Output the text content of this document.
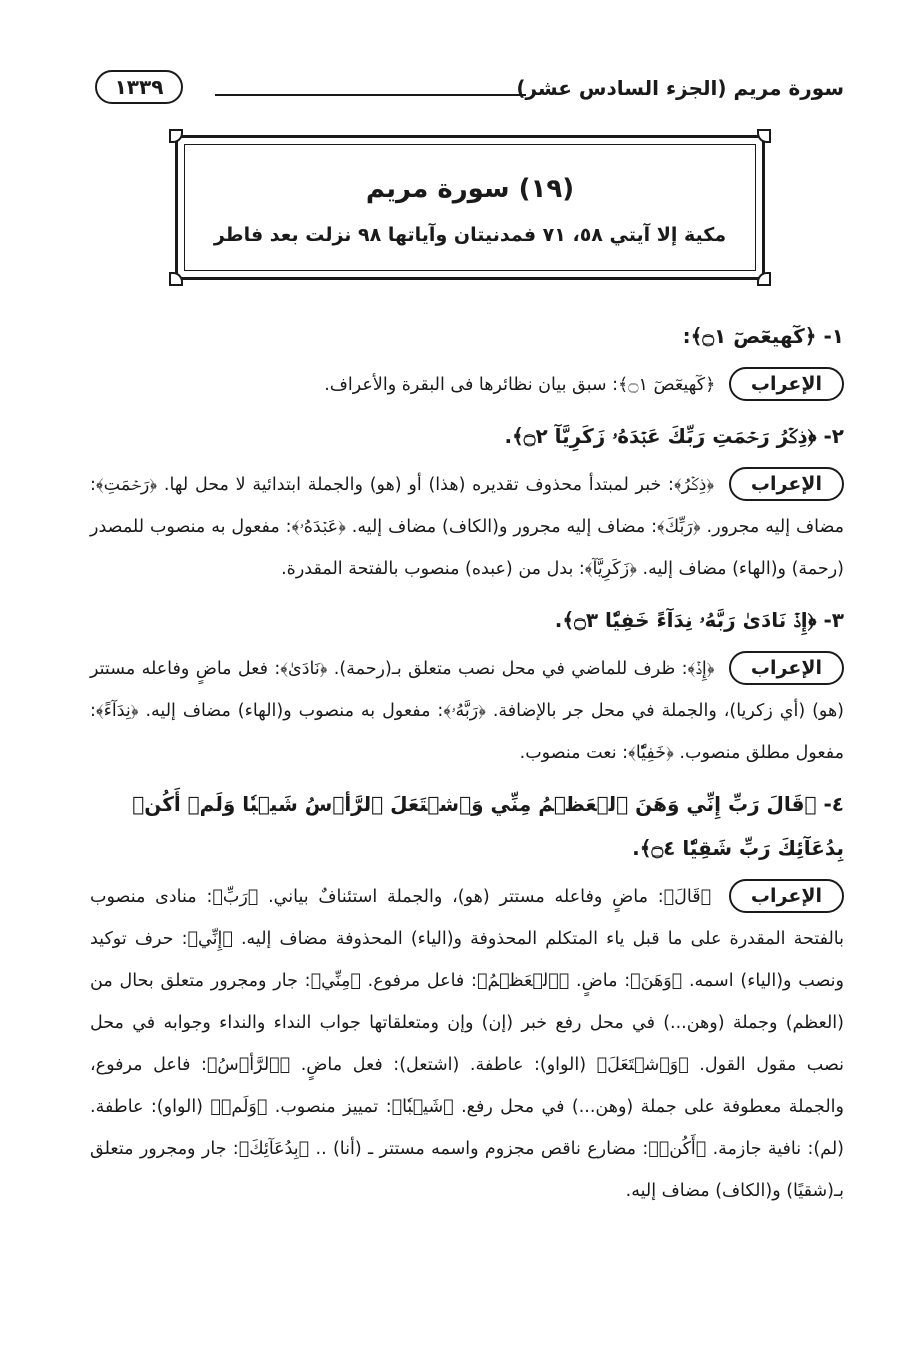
سورة مريم (الجزء السادس عشر)
١٣٣٩
(١٩) سورة مريم
مكية إلا آيتي ٥٨، ٧١ فمدنيتان وآياتها ٩٨ نزلت بعد فاطر
١- ﴿كٓهيعٓصٓ ۝١﴾:
الإعراب ﴿كٓهيعٓصٓ ۝١﴾: سبق بيان نظائرها فى البقرة والأعراف.
٢- ﴿ذِكۡرُ رَحۡمَتِ رَبِّكَ عَبۡدَهُۥ زَكَرِيَّآ ۝٢﴾.
الإعراب ﴿ذِكۡرُ﴾: خبر لمبتدأ محذوف تقديره (هذا) أو (هو) والجملة ابتدائية لا محل لها. ﴿رَحۡمَتِ﴾: مضاف إليه مجرور. ﴿رَبِّكَ﴾: مضاف إليه مجرور و(الكاف) مضاف إليه. ﴿عَبۡدَهُۥ﴾: مفعول به منصوب للمصدر (رحمة) و(الهاء) مضاف إليه. ﴿زَكَرِيَّآ﴾: بدل من (عبده) منصوب بالفتحة المقدرة.
٣- ﴿إِذۡ نَادَىٰ رَبَّهُۥ نِدَآءً خَفِيّٗا ۝٣﴾.
الإعراب ﴿إِذۡ﴾: ظرف للماضي في محل نصب متعلق بـ(رحمة). ﴿نَادَىٰ﴾: فعل ماضٍ وفاعله مستتر (هو) (أي زكريا)، والجملة في محل جر بالإضافة. ﴿رَبَّهُۥ﴾: مفعول به منصوب و(الهاء) مضاف إليه. ﴿نِدَآءً﴾: مفعول مطلق منصوب. ﴿خَفِيّٗا﴾: نعت منصوب.
٤- ﴿قَالَ رَبِّ إِنِّي وَهَنَ ٱلۡعَظۡمُ مِنِّي وَٱشۡتَعَلَ ٱلرَّأۡسُ شَيۡبٗا وَلَمۡ أَكُنۢ بِدُعَآئِكَ رَبِّ شَقِيّٗا ۝٤﴾.
الإعراب ﴿قَالَ﴾: ماضٍ وفاعله مستتر (هو)، والجملة استئنافٌ بياني. ﴿رَبِّ﴾: منادى منصوب بالفتحة المقدرة على ما قبل ياء المتكلم المحذوفة و(الياء) المحذوفة مضاف إليه. ﴿إِنِّي﴾: حرف توكيد ونصب و(الياء) اسمه. ﴿وَهَنَ﴾: ماضٍ. ﴿ٱلۡعَظۡمُ﴾: فاعل مرفوع. ﴿مِنِّي﴾: جار ومجرور متعلق بحال من (العظم) وجملة (وهن...) في محل رفع خبر (إن) وإن ومتعلقاتها جواب النداء والنداء وجوابه في محل نصب مقول القول. ﴿وَٱشۡتَعَلَ﴾ (الواو): عاطفة. (اشتعل): فعل ماضٍ. ﴿ٱلرَّأۡسُ﴾: فاعل مرفوع، والجملة معطوفة على جملة (وهن...) في محل رفع. ﴿شَيۡبٗا﴾: تمييز منصوب. ﴿وَلَمۡ﴾ (الواو): عاطفة. (لم): نافية جازمة. ﴿أَكُنۢ﴾: مضارع ناقص مجزوم واسمه مستتر ـ (أنا) .. ﴿بِدُعَآئِكَ﴾: جار ومجرور متعلق بـ(شقيًا) و(الكاف) مضاف إليه.
